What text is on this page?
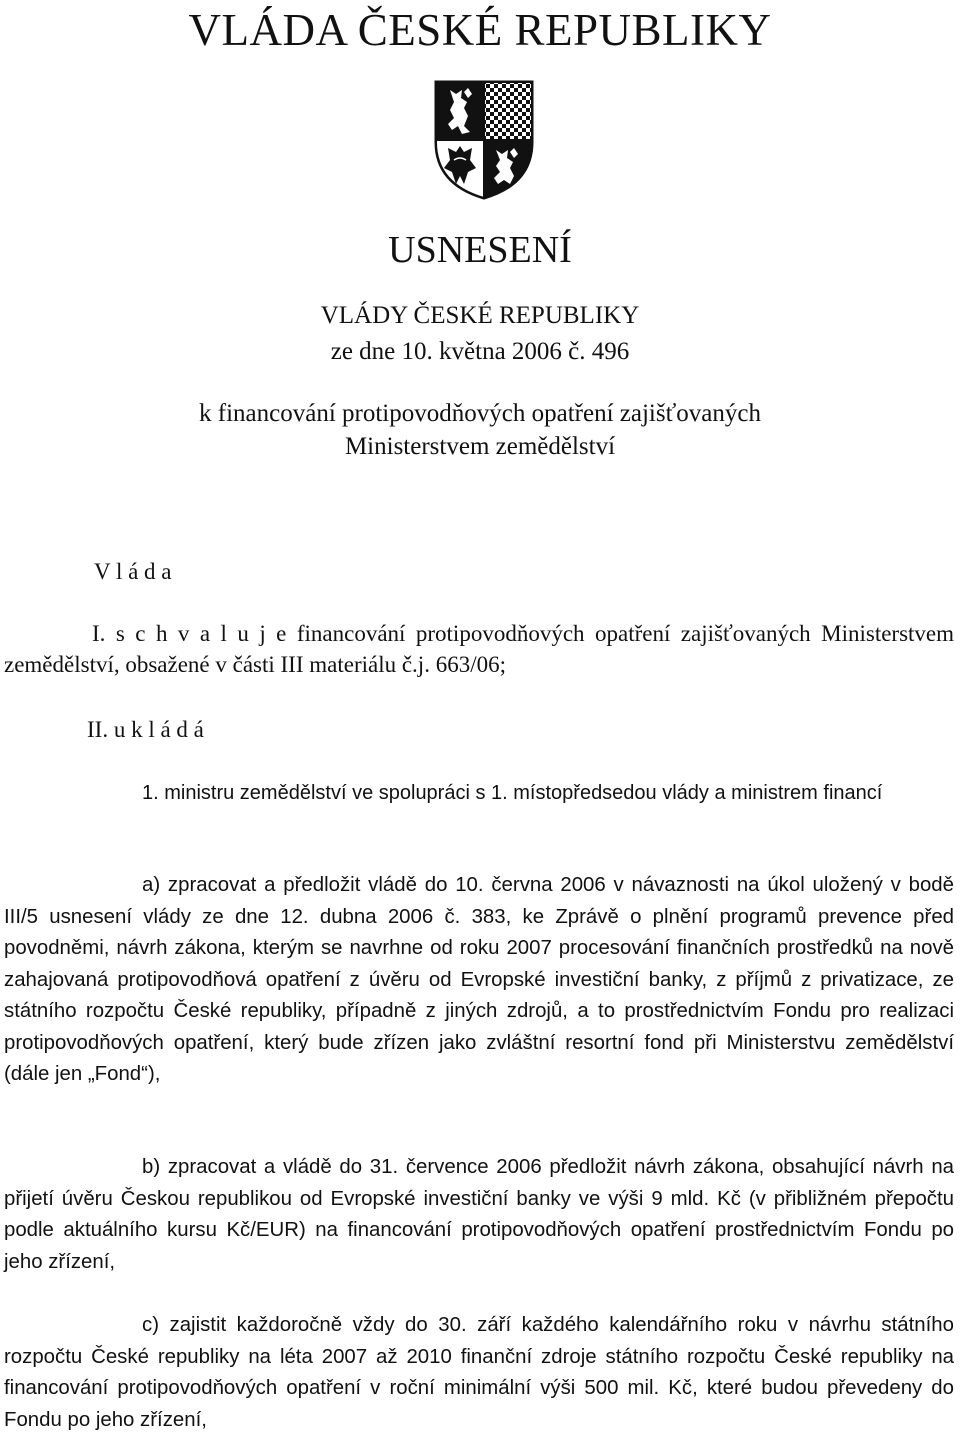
VLÁDA ČESKÉ REPUBLIKY
USNESENÍ
VLÁDY ČESKÉ REPUBLIKY
ze dne 10. května 2006 č. 496
k financování protipovodňových opatření zajišťovaných
Ministerstvem zemědělství
V l á d a
I. s c h v a l u j e financování protipovodňových opatření zajišťovaných Ministerstvem zemědělství, obsažené v části III materiálu č.j. 663/06;
II. u k l á d á
1. ministru zemědělství ve spolupráci s 1. místopředsedou vlády a ministrem financí
a) zpracovat a předložit vládě do 10. června 2006 v návaznosti na úkol uložený v bodě III/5 usnesení vlády ze dne 12. dubna 2006 č. 383, ke Zprávě o plnění programů prevence před povodněmi, návrh zákona, kterým se navrhne od roku 2007 procesování finančních prostředků na nově zahajovaná protipovodňová opatření z úvěru od Evropské investiční banky, z příjmů z privatizace, ze státního rozpočtu České republiky, případně z jiných zdrojů, a to prostřednictvím Fondu pro realizaci protipovodňových opatření, který bude zřízen jako zvláštní resortní fond při Ministerstvu zemědělství (dále jen „Fond“),
b) zpracovat a vládě do 31. července 2006 předložit návrh zákona, obsahující návrh na přijetí úvěru Českou republikou od Evropské investiční banky ve výši 9 mld. Kč (v přibližném přepočtu podle aktuálního kursu Kč/EUR) na financování protipovodňových opatření prostřednictvím Fondu po jeho zřízení,
c) zajistit každoročně vždy do 30. září každého kalendářního roku v návrhu státního rozpočtu České republiky na léta 2007 až 2010 finanční zdroje státního rozpočtu České republiky na financování protipovodňových opatření v roční minimální výši 500 mil. Kč, které budou převedeny do Fondu po jeho zřízení,
